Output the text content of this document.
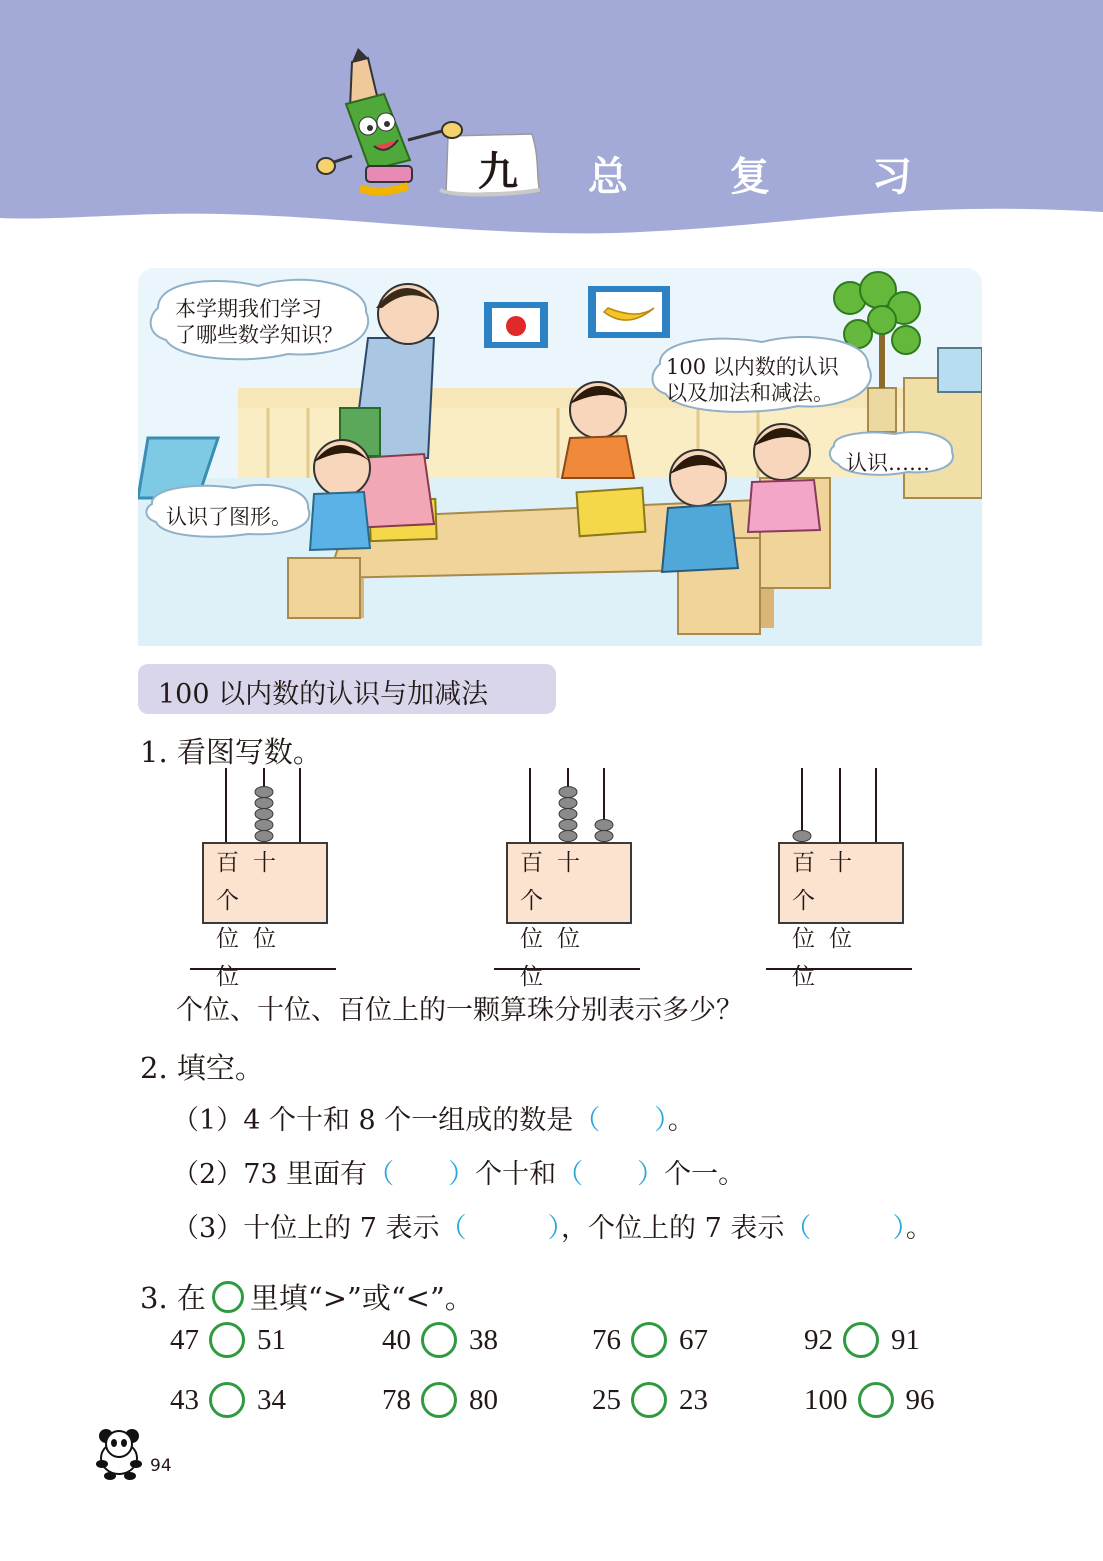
九 总 复 习
本学期我们学习
了哪些数学知识？
100 以内数的认识
以及加法和减法。
认识了图形。
认识……
100 以内数的认识与加减法
1. 看图写数。
百十个
位位位
百十个
位位位
百十个
位位位
个位、十位、百位上的一颗算珠分别表示多少？
2. 填空。
（1）4 个十和 8 个一组成的数是（　　 ）。
（2）73 里面有（　　 ）个十和（　　 ）个一。
（3）十位上的 7 表示（　　　	），个位上的 7 表示（　　　	）。
3. 在 里填“>”或“<”。
47 51	40 38	76 67	92 91
43 34	78 80	25 23	100 96
94
